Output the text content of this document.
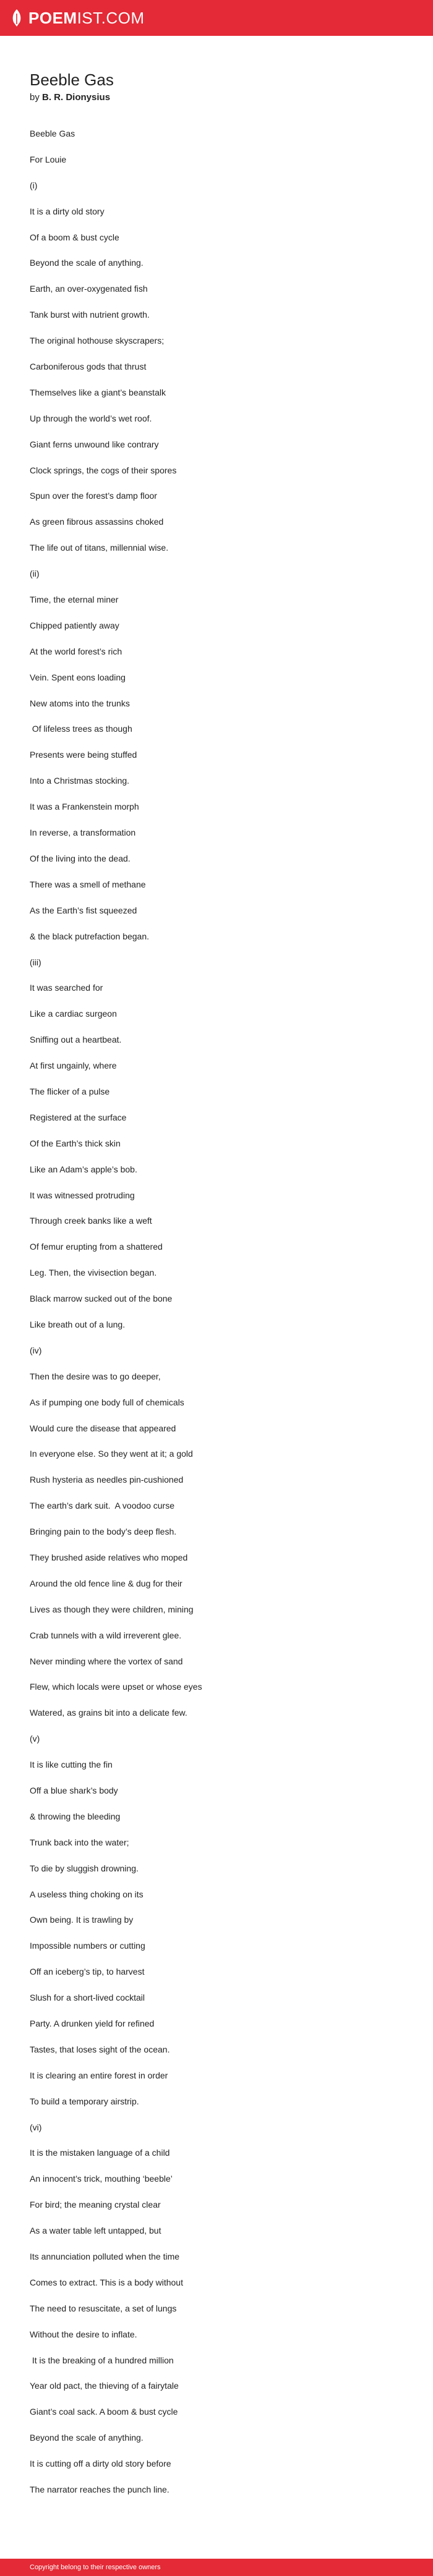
POEMIST.COM
Beeble Gas

by B. R. Dionysius

Beeble Gas
For Louie
(i)
It is a dirty old story
Of a boom & bust cycle
Beyond the scale of anything.
Earth, an over-oxygenated fish
Tank burst with nutrient growth.
The original hothouse skyscrapers;
Carboniferous gods that thrust
Themselves like a giant’s beanstalk
Up through the world’s wet roof.
Giant ferns unwound like contrary
Clock springs, the cogs of their spores
Spun over the forest’s damp floor
As green fibrous assassins choked
The life out of titans, millennial wise.
(ii)
Time, the eternal miner
Chipped patiently away
At the world forest’s rich
Vein. Spent eons loading
New atoms into the trunks
Of lifeless trees as though
Presents were being stuffed
Into a Christmas stocking.
It was a Frankenstein morph
In reverse, a transformation
Of the living into the dead.
There was a smell of methane
As the Earth’s fist squeezed
& the black putrefaction began.
(iii)
It was searched for
Like a cardiac surgeon
Sniffing out a heartbeat.
At first ungainly, where
The flicker of a pulse
Registered at the surface
Of the Earth’s thick skin
Like an Adam’s apple’s bob.
It was witnessed protruding
Through creek banks like a weft
Of femur erupting from a shattered
Leg. Then, the vivisection began.
Black marrow sucked out of the bone
Like breath out of a lung.
(iv)
Then the desire was to go deeper,
As if pumping one body full of chemicals
Would cure the disease that appeared
In everyone else. So they went at it; a gold
Rush hysteria as needles pin-cushioned
The earth’s dark suit.  A voodoo curse
Bringing pain to the body’s deep flesh.
They brushed aside relatives who moped
Around the old fence line & dug for their
Lives as though they were children, mining
Crab tunnels with a wild irreverent glee.
Never minding where the vortex of sand
Flew, which locals were upset or whose eyes
Watered, as grains bit into a delicate few.
(v)
It is like cutting the fin
Off a blue shark’s body
& throwing the bleeding
Trunk back into the water;
To die by sluggish drowning.
A useless thing choking on its
Own being. It is trawling by
Impossible numbers or cutting
Off an iceberg’s tip, to harvest
Slush for a short-lived cocktail
Party. A drunken yield for refined
Tastes, that loses sight of the ocean.
It is clearing an entire forest in order
To build a temporary airstrip.
(vi)
It is the mistaken language of a child
An innocent’s trick, mouthing ‘beeble’
For bird; the meaning crystal clear
As a water table left untapped, but
Its annunciation polluted when the time
Comes to extract. This is a body without
The need to resuscitate, a set of lungs
Without the desire to inflate.
It is the breaking of a hundred million
Year old pact, the thieving of a fairytale
Giant’s coal sack. A boom & bust cycle
Beyond the scale of anything.
It is cutting off a dirty old story before
The narrator reaches the punch line.
Copyright belong to their respective owners
